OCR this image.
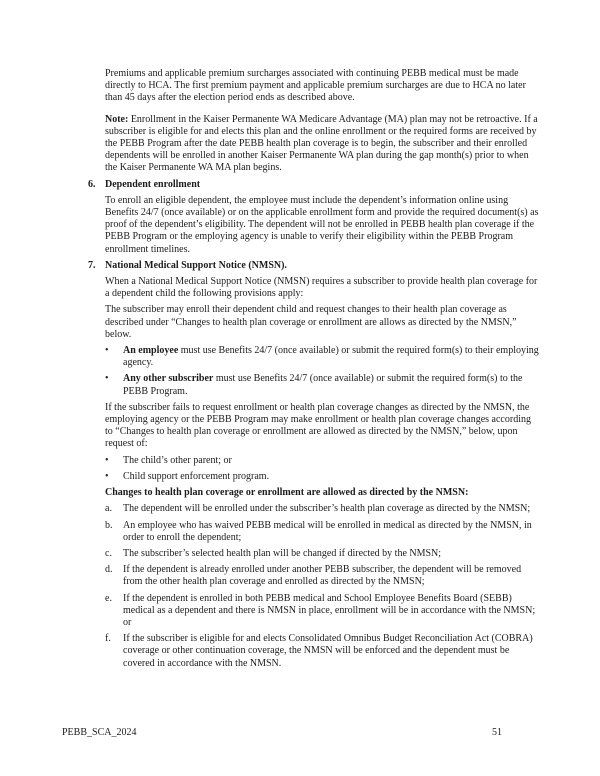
Premiums and applicable premium surcharges associated with continuing PEBB medical must be made directly to HCA. The first premium payment and applicable premium surcharges are due to HCA no later than 45 days after the election period ends as described above.
Note: Enrollment in the Kaiser Permanente WA Medicare Advantage (MA) plan may not be retroactive. If a subscriber is eligible for and elects this plan and the online enrollment or the required forms are received by the PEBB Program after the date PEBB health plan coverage is to begin, the subscriber and their enrolled dependents will be enrolled in another Kaiser Permanente WA plan during the gap month(s) prior to when the Kaiser Permanente WA MA plan begins.
6. Dependent enrollment
To enroll an eligible dependent, the employee must include the dependent’s information online using Benefits 24/7 (once available) or on the applicable enrollment form and provide the required document(s) as proof of the dependent’s eligibility. The dependent will not be enrolled in PEBB health plan coverage if the PEBB Program or the employing agency is unable to verify their eligibility within the PEBB Program enrollment timelines.
7. National Medical Support Notice (NMSN).
When a National Medical Support Notice (NMSN) requires a subscriber to provide health plan coverage for a dependent child the following provisions apply:
The subscriber may enroll their dependent child and request changes to their health plan coverage as described under “Changes to health plan coverage or enrollment are allows as directed by the NMSN,” below.
•	An employee must use Benefits 24/7 (once available) or submit the required form(s) to their employing agency.
•	Any other subscriber must use Benefits 24/7 (once available) or submit the required form(s) to the PEBB Program.
If the subscriber fails to request enrollment or health plan coverage changes as directed by the NMSN, the employing agency or the PEBB Program may make enrollment or health plan coverage changes according to “Changes to health plan coverage or enrollment are allowed as directed by the NMSN,” below, upon request of:
•	The child’s other parent; or
•	Child support enforcement program.
Changes to health plan coverage or enrollment are allowed as directed by the NMSN:
a.	The dependent will be enrolled under the subscriber’s health plan coverage as directed by the NMSN;
b.	An employee who has waived PEBB medical will be enrolled in medical as directed by the NMSN, in order to enroll the dependent;
c.	The subscriber’s selected health plan will be changed if directed by the NMSN;
d.	If the dependent is already enrolled under another PEBB subscriber, the dependent will be removed from the other health plan coverage and enrolled as directed by the NMSN;
e.	If the dependent is enrolled in both PEBB medical and School Employee Benefits Board (SEBB) medical as a dependent and there is NMSN in place, enrollment will be in accordance with the NMSN; or
f.	If the subscriber is eligible for and elects Consolidated Omnibus Budget Reconciliation Act (COBRA) coverage or other continuation coverage, the NMSN will be enforced and the dependent must be covered in accordance with the NMSN.
PEBB_SCA_2024	51
